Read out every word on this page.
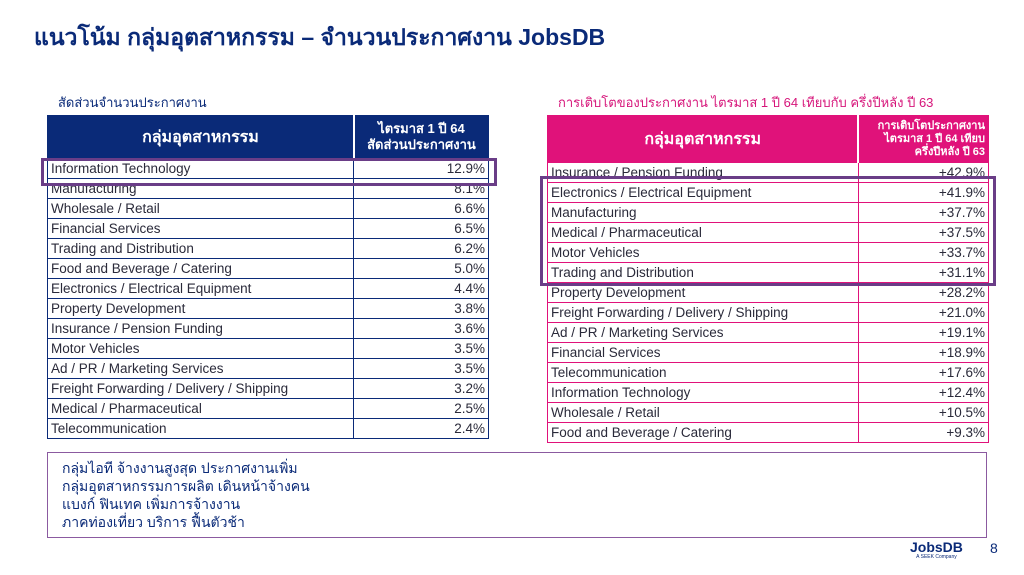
แนวโน้ม กลุ่มอุตสาหกรรม – จำนวนประกาศงาน JobsDB
สัดส่วนจำนวนประกาศงาน	การเติบโตของประกาศงาน ไตรมาส 1 ปี 64 เทียบกับ ครึ่งปีหลัง ปี 63
กลุ่มอุตสาหกรรม	ไตรมาส 1 ปี 64
สัดส่วนประกาศงาน
Information Technology	12.9%
Manufacturing	8.1%
Wholesale / Retail	6.6%
Financial Services	6.5%
Trading and Distribution	6.2%
Food and Beverage / Catering	5.0%
Electronics / Electrical Equipment	4.4%
Property Development	3.8%
Insurance / Pension Funding	3.6%
Motor Vehicles	3.5%
Ad / PR / Marketing Services	3.5%
Freight Forwarding / Delivery / Shipping	3.2%
Medical / Pharmaceutical	2.5%
Telecommunication	2.4%
กลุ่มอุตสาหกรรม	การเติบโตประกาศงาน
ไตรมาส 1 ปี 64 เทียบ
ครึ่งปีหลัง ปี 63
Insurance / Pension Funding	+42.9%
Electronics / Electrical Equipment	+41.9%
Manufacturing	+37.7%
Medical / Pharmaceutical	+37.5%
Motor Vehicles	+33.7%
Trading and Distribution	+31.1%
Property Development	+28.2%
Freight Forwarding / Delivery / Shipping	+21.0%
Ad / PR / Marketing Services	+19.1%
Financial Services	+18.9%
Telecommunication	+17.6%
Information Technology	+12.4%
Wholesale / Retail	+10.5%
Food and Beverage / Catering	+9.3%
กลุ่มไอที จ้างงานสูงสุด ประกาศงานเพิ่ม
กลุ่มอุตสาหกรรมการผลิต เดินหน้าจ้างคน
แบงก์ ฟินเทค เพิ่มการจ้างงาน
ภาคท่องเที่ยว บริการ ฟื้นตัวช้า
JobsDB
A SEEK Company
8
